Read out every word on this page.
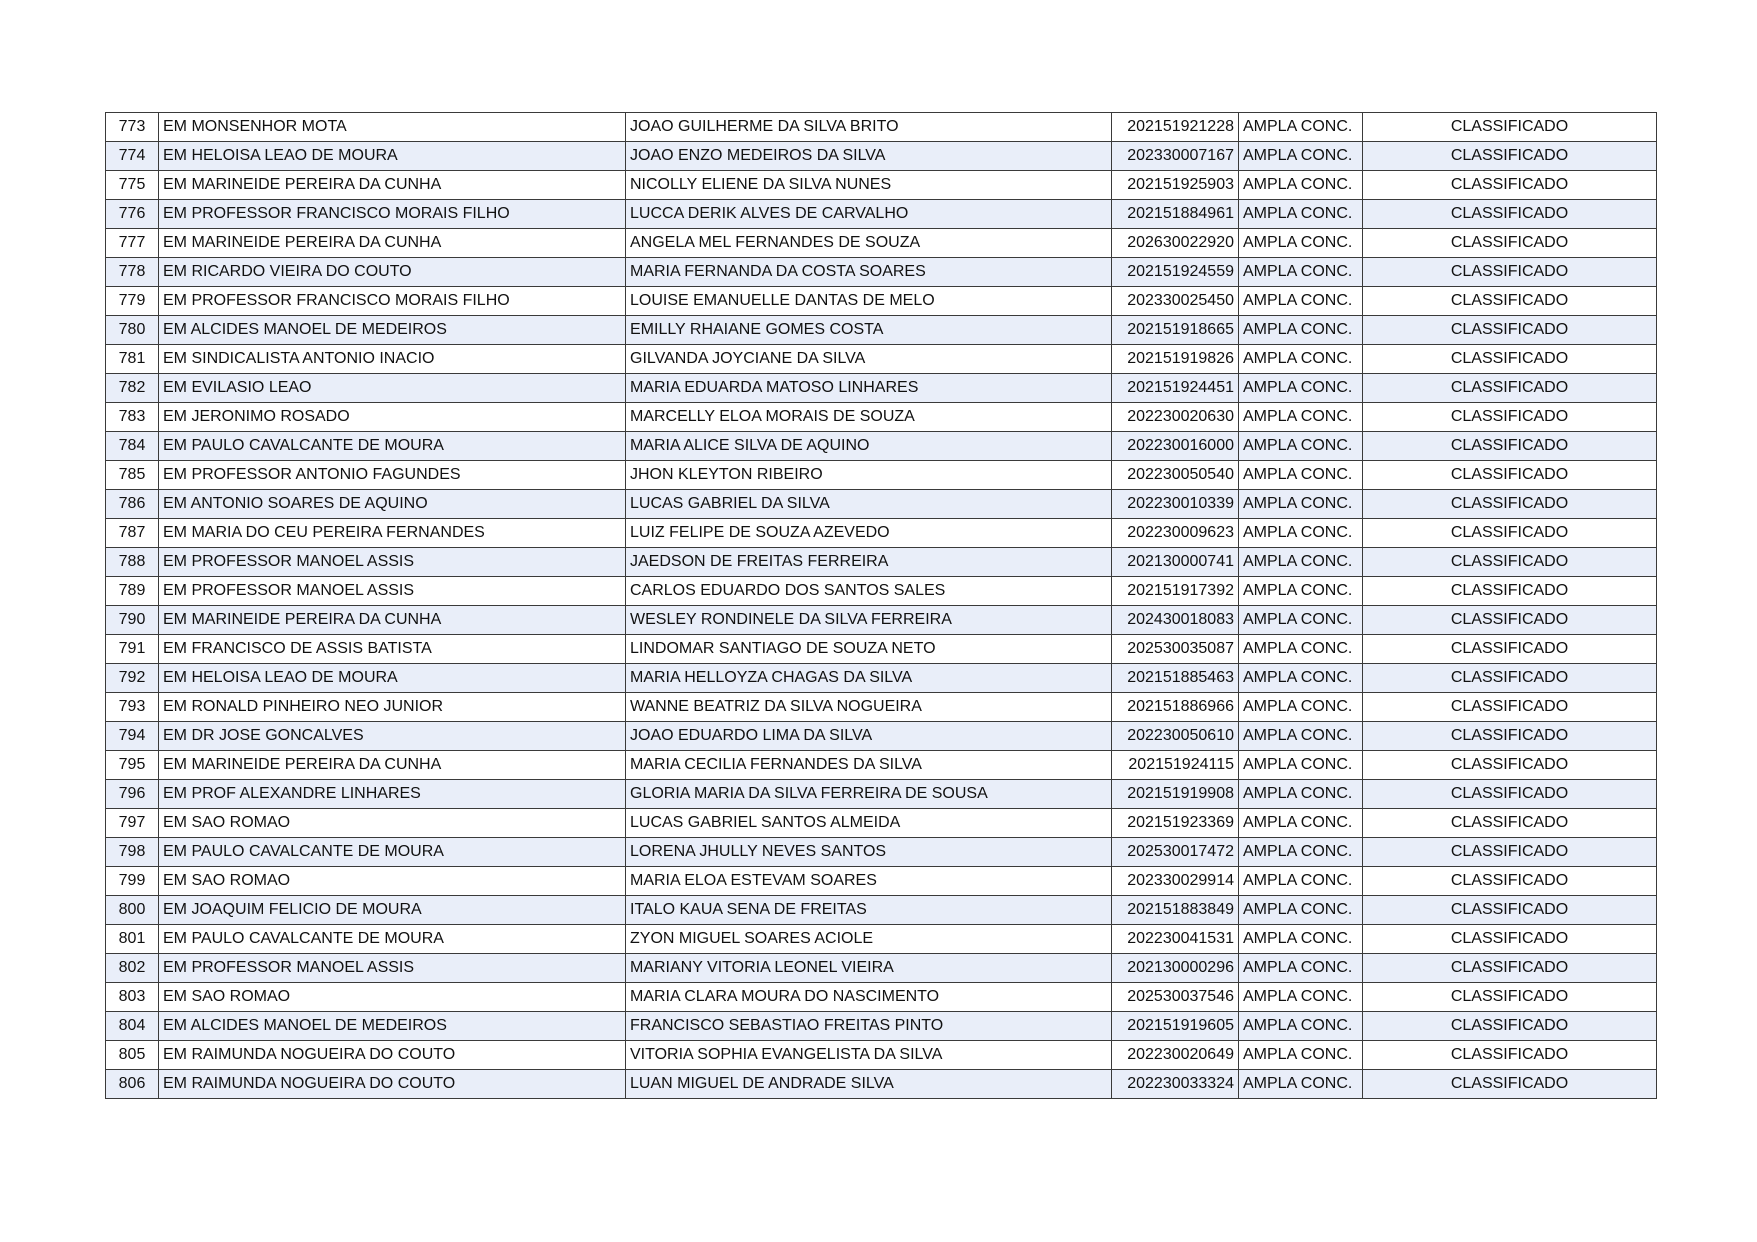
773	EM MONSENHOR MOTA	JOAO GUILHERME DA SILVA BRITO	202151921228	AMPLA CONC.	CLASSIFICADO
774	EM HELOISA LEAO DE MOURA	JOAO ENZO MEDEIROS DA SILVA	202330007167	AMPLA CONC.	CLASSIFICADO
775	EM MARINEIDE PEREIRA DA CUNHA	NICOLLY ELIENE DA SILVA NUNES	202151925903	AMPLA CONC.	CLASSIFICADO
776	EM PROFESSOR FRANCISCO MORAIS FILHO	LUCCA DERIK ALVES DE CARVALHO	202151884961	AMPLA CONC.	CLASSIFICADO
777	EM MARINEIDE PEREIRA DA CUNHA	ANGELA MEL FERNANDES DE SOUZA	202630022920	AMPLA CONC.	CLASSIFICADO
778	EM RICARDO VIEIRA DO COUTO	MARIA FERNANDA DA COSTA SOARES	202151924559	AMPLA CONC.	CLASSIFICADO
779	EM PROFESSOR FRANCISCO MORAIS FILHO	LOUISE EMANUELLE DANTAS DE MELO	202330025450	AMPLA CONC.	CLASSIFICADO
780	EM ALCIDES MANOEL DE MEDEIROS	EMILLY RHAIANE GOMES COSTA	202151918665	AMPLA CONC.	CLASSIFICADO
781	EM SINDICALISTA ANTONIO INACIO	GILVANDA JOYCIANE DA SILVA	202151919826	AMPLA CONC.	CLASSIFICADO
782	EM EVILASIO LEAO	MARIA EDUARDA MATOSO LINHARES	202151924451	AMPLA CONC.	CLASSIFICADO
783	EM JERONIMO ROSADO	MARCELLY ELOA MORAIS DE SOUZA	202230020630	AMPLA CONC.	CLASSIFICADO
784	EM PAULO CAVALCANTE DE MOURA	MARIA ALICE SILVA DE AQUINO	202230016000	AMPLA CONC.	CLASSIFICADO
785	EM PROFESSOR ANTONIO FAGUNDES	JHON KLEYTON RIBEIRO	202230050540	AMPLA CONC.	CLASSIFICADO
786	EM ANTONIO SOARES DE AQUINO	LUCAS GABRIEL DA SILVA	202230010339	AMPLA CONC.	CLASSIFICADO
787	EM MARIA DO CEU PEREIRA FERNANDES	LUIZ FELIPE DE SOUZA AZEVEDO	202230009623	AMPLA CONC.	CLASSIFICADO
788	EM PROFESSOR MANOEL ASSIS	JAEDSON DE FREITAS FERREIRA	202130000741	AMPLA CONC.	CLASSIFICADO
789	EM PROFESSOR MANOEL ASSIS	CARLOS EDUARDO DOS SANTOS SALES	202151917392	AMPLA CONC.	CLASSIFICADO
790	EM MARINEIDE PEREIRA DA CUNHA	WESLEY RONDINELE DA SILVA FERREIRA	202430018083	AMPLA CONC.	CLASSIFICADO
791	EM FRANCISCO DE ASSIS BATISTA	LINDOMAR SANTIAGO DE SOUZA NETO	202530035087	AMPLA CONC.	CLASSIFICADO
792	EM HELOISA LEAO DE MOURA	MARIA HELLOYZA CHAGAS DA SILVA	202151885463	AMPLA CONC.	CLASSIFICADO
793	EM RONALD PINHEIRO NEO JUNIOR	WANNE BEATRIZ DA SILVA NOGUEIRA	202151886966	AMPLA CONC.	CLASSIFICADO
794	EM DR JOSE GONCALVES	JOAO EDUARDO LIMA DA SILVA	202230050610	AMPLA CONC.	CLASSIFICADO
795	EM MARINEIDE PEREIRA DA CUNHA	MARIA CECILIA FERNANDES DA SILVA	202151924115	AMPLA CONC.	CLASSIFICADO
796	EM PROF ALEXANDRE LINHARES	GLORIA MARIA DA SILVA FERREIRA DE SOUSA	202151919908	AMPLA CONC.	CLASSIFICADO
797	EM SAO ROMAO	LUCAS GABRIEL SANTOS ALMEIDA	202151923369	AMPLA CONC.	CLASSIFICADO
798	EM PAULO CAVALCANTE DE MOURA	LORENA JHULLY NEVES SANTOS	202530017472	AMPLA CONC.	CLASSIFICADO
799	EM SAO ROMAO	MARIA ELOA ESTEVAM SOARES	202330029914	AMPLA CONC.	CLASSIFICADO
800	EM JOAQUIM FELICIO DE MOURA	ITALO KAUA SENA DE FREITAS	202151883849	AMPLA CONC.	CLASSIFICADO
801	EM PAULO CAVALCANTE DE MOURA	ZYON MIGUEL SOARES ACIOLE	202230041531	AMPLA CONC.	CLASSIFICADO
802	EM PROFESSOR MANOEL ASSIS	MARIANY VITORIA LEONEL VIEIRA	202130000296	AMPLA CONC.	CLASSIFICADO
803	EM SAO ROMAO	MARIA CLARA MOURA DO NASCIMENTO	202530037546	AMPLA CONC.	CLASSIFICADO
804	EM ALCIDES MANOEL DE MEDEIROS	FRANCISCO SEBASTIAO FREITAS PINTO	202151919605	AMPLA CONC.	CLASSIFICADO
805	EM RAIMUNDA NOGUEIRA DO COUTO	VITORIA SOPHIA EVANGELISTA DA SILVA	202230020649	AMPLA CONC.	CLASSIFICADO
806	EM RAIMUNDA NOGUEIRA DO COUTO	LUAN MIGUEL DE ANDRADE SILVA	202230033324	AMPLA CONC.	CLASSIFICADO
